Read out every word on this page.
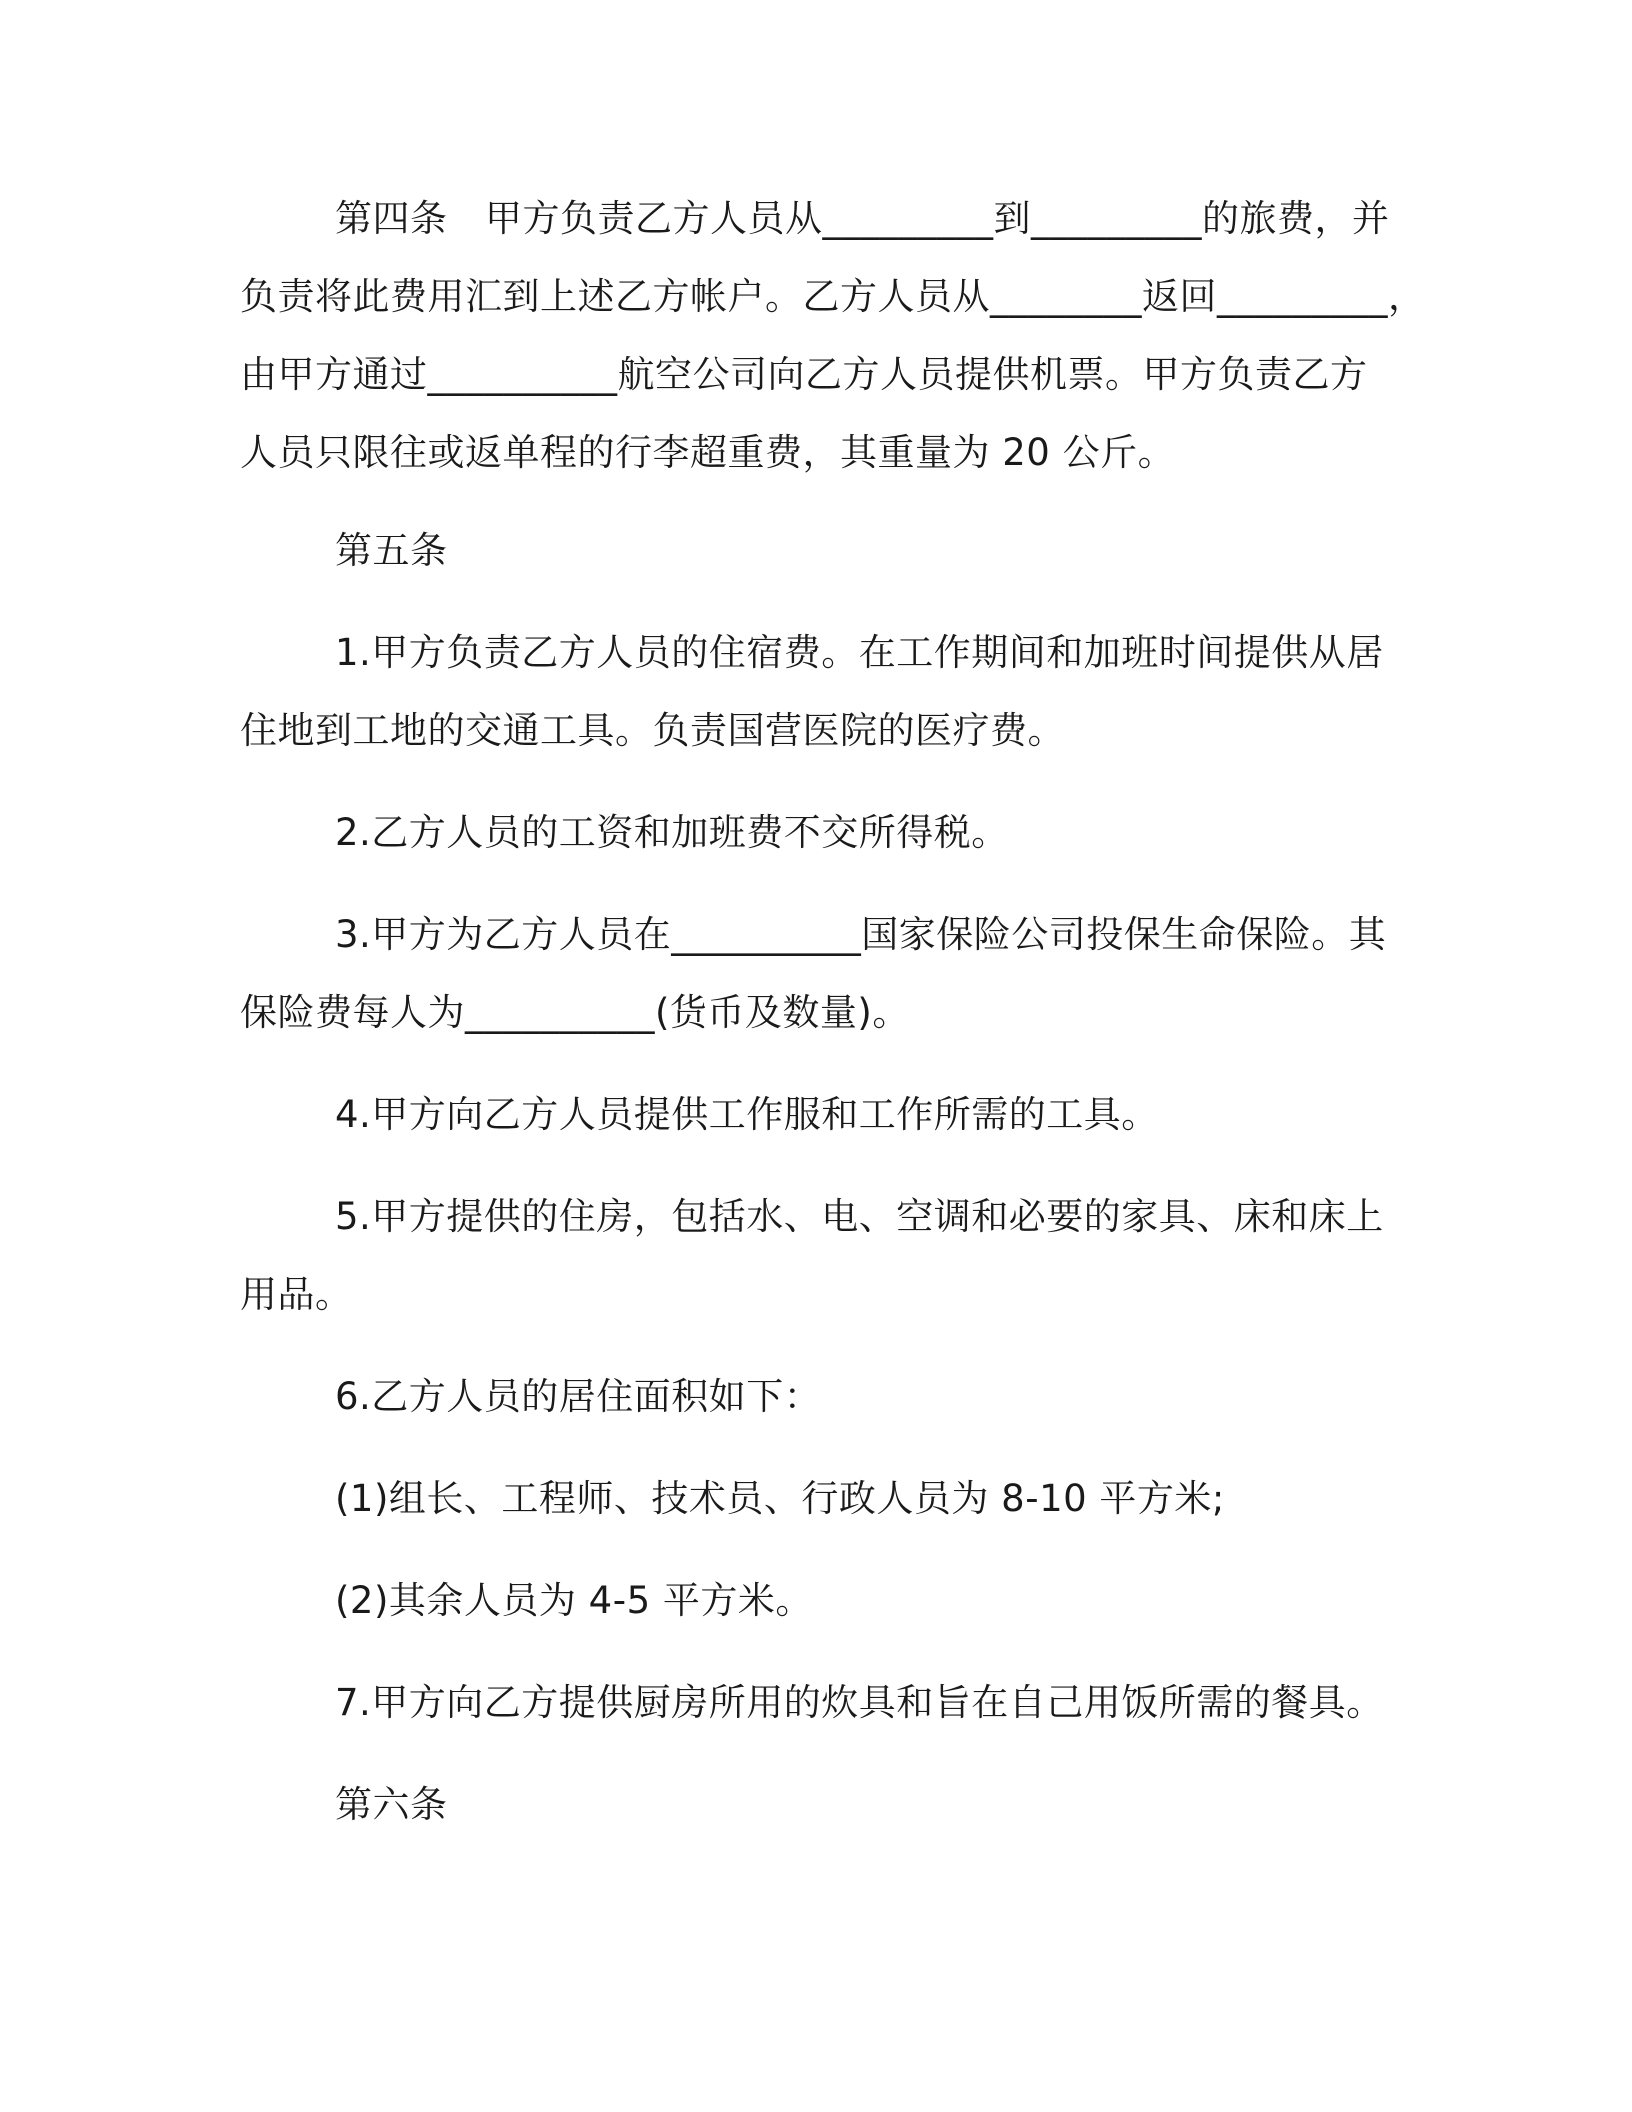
第四条　甲方负责乙方人员从_________到_________的旅费，并
负责将此费用汇到上述乙方帐户。乙方人员从________返回_________，
由甲方通过__________航空公司向乙方人员提供机票。甲方负责乙方
人员只限往或返单程的行李超重费，其重量为 20 公斤。
第五条
1.甲方负责乙方人员的住宿费。在工作期间和加班时间提供从居
住地到工地的交通工具。负责国营医院的医疗费。
2.乙方人员的工资和加班费不交所得税。
3.甲方为乙方人员在__________国家保险公司投保生命保险。其
保险费每人为__________(货币及数量)。
4.甲方向乙方人员提供工作服和工作所需的工具。
5.甲方提供的住房，包括水、电、空调和必要的家具、床和床上
用品。
6.乙方人员的居住面积如下：
(1)组长、工程师、技术员、行政人员为 8-10 平方米;
(2)其余人员为 4-5 平方米。
7.甲方向乙方提供厨房所用的炊具和旨在自己用饭所需的餐具。
第六条
